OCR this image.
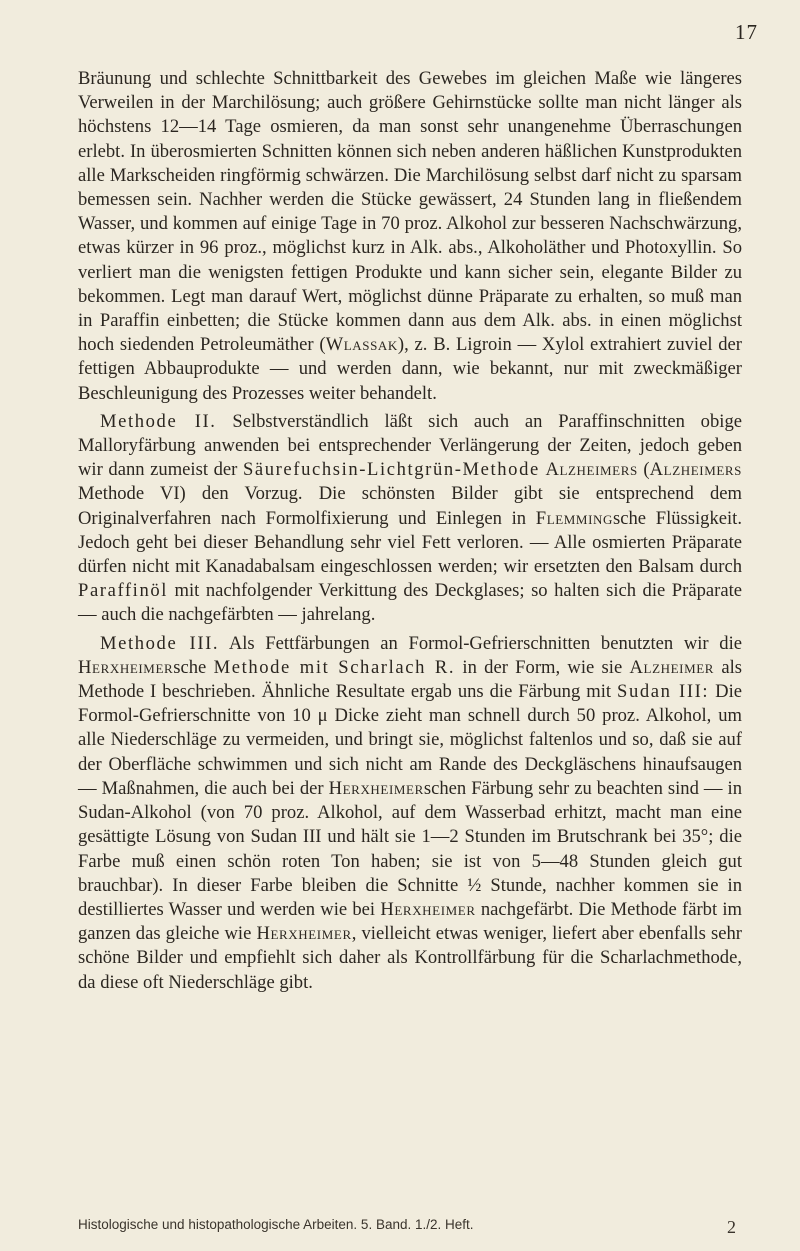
17

Bräunung und schlechte Schnittbarkeit des Gewebes im gleichen Maße wie längeres Verweilen in der Marchilösung; auch größere Gehirnstücke sollte man nicht länger als höchstens 12—14 Tage osmieren, da man sonst sehr unangenehme Überraschungen erlebt. In überosmierten Schnitten können sich neben anderen häßlichen Kunstprodukten alle Markscheiden ringförmig schwärzen. Die Marchilösung selbst darf nicht zu sparsam bemessen sein. Nachher werden die Stücke gewässert, 24 Stunden lang in fließendem Wasser, und kommen auf einige Tage in 70 proz. Alkohol zur besseren Nachschwärzung, etwas kürzer in 96 proz., möglichst kurz in Alk. abs., Alkoholäther und Photoxyllin. So verliert man die wenigsten fettigen Produkte und kann sicher sein, elegante Bilder zu bekommen. Legt man darauf Wert, möglichst dünne Präparate zu erhalten, so muß man in Paraffin einbetten; die Stücke kommen dann aus dem Alk. abs. in einen möglichst hoch siedenden Petroleumäther (Wlassak), z. B. Ligroin — Xylol extrahiert zuviel der fettigen Abbauprodukte — und werden dann, wie bekannt, nur mit zweckmäßiger Beschleunigung des Prozesses weiter behandelt.

Methode II. Selbstverständlich läßt sich auch an Paraffinschnitten obige Malloryfärbung anwenden bei entsprechender Verlängerung der Zeiten, jedoch geben wir dann zumeist der Säurefuchsin-Lichtgrün-Methode Alzheimers (Alzheimers Methode VI) den Vorzug. Die schönsten Bilder gibt sie entsprechend dem Originalverfahren nach Formolfixierung und Einlegen in Flemmingsche Flüssigkeit. Jedoch geht bei dieser Behandlung sehr viel Fett verloren. — Alle osmierten Präparate dürfen nicht mit Kanadabalsam eingeschlossen werden; wir ersetzten den Balsam durch Paraffinöl mit nachfolgender Verkittung des Deckglases; so halten sich die Präparate — auch die nachgefärbten — jahrelang.

Methode III. Als Fettfärbungen an Formol-Gefrierschnitten benutzten wir die Herxheimersche Methode mit Scharlach R. in der Form, wie sie Alzheimer als Methode I beschrieben. Ähnliche Resultate ergab uns die Färbung mit Sudan III: Die Formol-Gefrierschnitte von 10 μ Dicke zieht man schnell durch 50 proz. Alkohol, um alle Niederschläge zu vermeiden, und bringt sie, möglichst faltenlos und so, daß sie auf der Oberfläche schwimmen und sich nicht am Rande des Deckgläschens hinaufsaugen — Maßnahmen, die auch bei der Herxheimerschen Färbung sehr zu beachten sind — in Sudan-Alkohol (von 70 proz. Alkohol, auf dem Wasserbad erhitzt, macht man eine gesättigte Lösung von Sudan III und hält sie 1—2 Stunden im Brutschrank bei 35°; die Farbe muß einen schön roten Ton haben; sie ist von 5—48 Stunden gleich gut brauchbar). In dieser Farbe bleiben die Schnitte ½ Stunde, nachher kommen sie in destilliertes Wasser und werden wie bei Herxheimer nachgefärbt. Die Methode färbt im ganzen das gleiche wie Herxheimer, vielleicht etwas weniger, liefert aber ebenfalls sehr schöne Bilder und empfiehlt sich daher als Kontrollfärbung für die Scharlachmethode, da diese oft Niederschläge gibt.

Histologische und histopathologische Arbeiten. 5. Band. 1./2. Heft.	2
